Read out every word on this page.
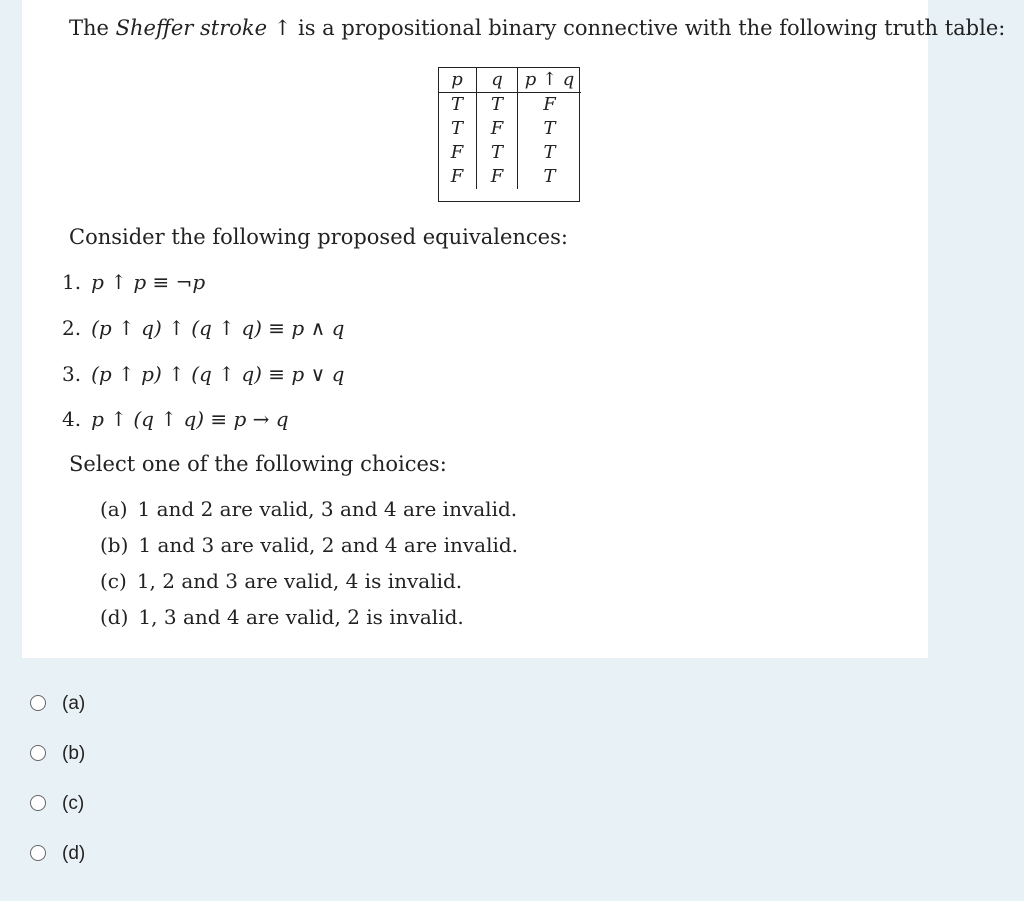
The Sheffer stroke ↑ is a propositional binary connective with the following truth table:
p	q	p ↑ q
T	T	F
T	F	T
F	T	T
F	F	T
Consider the following proposed equivalences:
1. p ↑ p ≡ ¬p
2. (p ↑ q) ↑ (q ↑ q) ≡ p ∧ q
3. (p ↑ p) ↑ (q ↑ q) ≡ p ∨ q
4. p ↑ (q ↑ q) ≡ p → q
Select one of the following choices:
(a) 1 and 2 are valid, 3 and 4 are invalid.
(b) 1 and 3 are valid, 2 and 4 are invalid.
(c) 1, 2 and 3 are valid, 4 is invalid.
(d) 1, 3 and 4 are valid, 2 is invalid.
(a)
(b)
(c)
(d)
